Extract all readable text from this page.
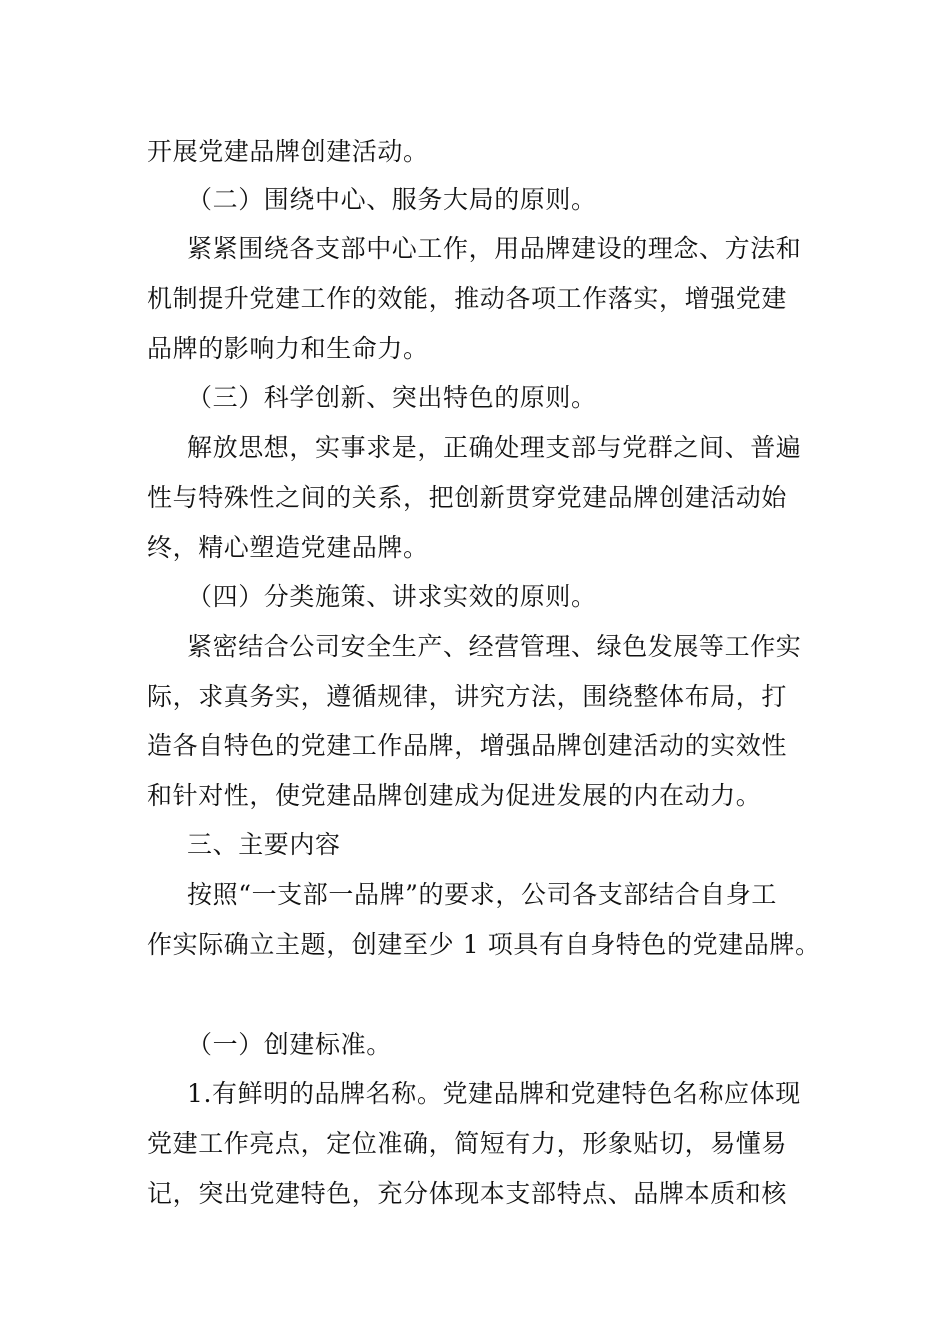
开展党建品牌创建活动。
（二）围绕中心、服务大局的原则。
紧紧围绕各支部中心工作，用品牌建设的理念、方法和
机制提升党建工作的效能，推动各项工作落实，增强党建
品牌的影响力和生命力。
（三）科学创新、突出特色的原则。
解放思想，实事求是，正确处理支部与党群之间、普遍
性与特殊性之间的关系，把创新贯穿党建品牌创建活动始
终，精心塑造党建品牌。
（四）分类施策、讲求实效的原则。
紧密结合公司安全生产、经营管理、绿色发展等工作实
际，求真务实，遵循规律，讲究方法，围绕整体布局，打
造各自特色的党建工作品牌，增强品牌创建活动的实效性
和针对性，使党建品牌创建成为促进发展的内在动力。
三、主要内容
按照“一支部一品牌”的要求，公司各支部结合自身工
作实际确立主题，创建至少 1 项具有自身特色的党建品牌。
（一）创建标准。
1.有鲜明的品牌名称。党建品牌和党建特色名称应体现
党建工作亮点，定位准确，简短有力，形象贴切，易懂易
记，突出党建特色，充分体现本支部特点、品牌本质和核
